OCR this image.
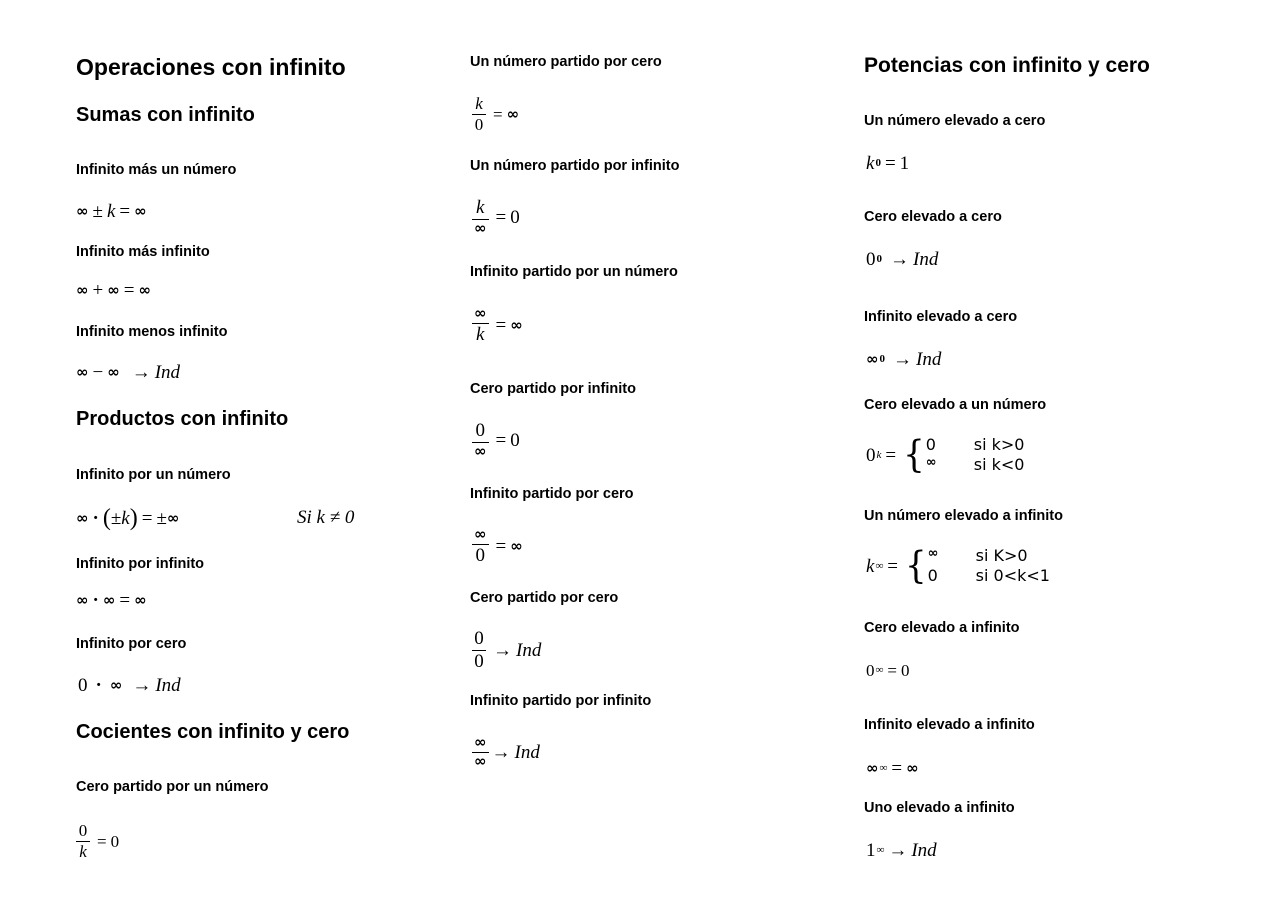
Operaciones con infinito
Sumas con infinito
Infinito más un número
∞ ± k = ∞
Infinito más infinito
∞ + ∞ = ∞
Infinito menos infinito
∞ − ∞ → Ind
Productos con infinito
Infinito por un número
∞ · ( ± k ) = ± ∞	Si k ≠ 0
Infinito por infinito
∞ · ∞ = ∞
Infinito por cero
0 · ∞ → Ind
Cocientes con infinito y cero
Cero partido por un número
$\frac{0}{k} = 0$
Un número partido por cero
$\frac{k}{0}$ = ∞
Un número partido por infinito
$\frac{k}{\infty} = 0$
Infinito partido por un número
$\frac{\infty}{k}$ = ∞
Cero partido por infinito
$\frac{0}{\infty} = 0$
Infinito partido por cero
$\frac{\infty}{0}$ = ∞
Cero partido por cero
$\frac{0}{0}$ → Ind
Infinito partido por infinito
$\frac{\infty}{\infty}$ → Ind
Potencias con infinito y cero
Un número elevado a cero
k 0 = 1
Cero elevado a cero
0 0 → Ind
Infinito elevado a cero
∞ 0 → Ind
Cero elevado a un número
0 k = { 0	si k>0
∞	si k<0
Un número elevado a infinito
k ∞ = { ∞	si K>0
0	si 0<k<1
Cero elevado a infinito
0 ∞ = 0
Infinito elevado a infinito
∞ ∞ = ∞
Uno elevado a infinito
1 ∞ → Ind
